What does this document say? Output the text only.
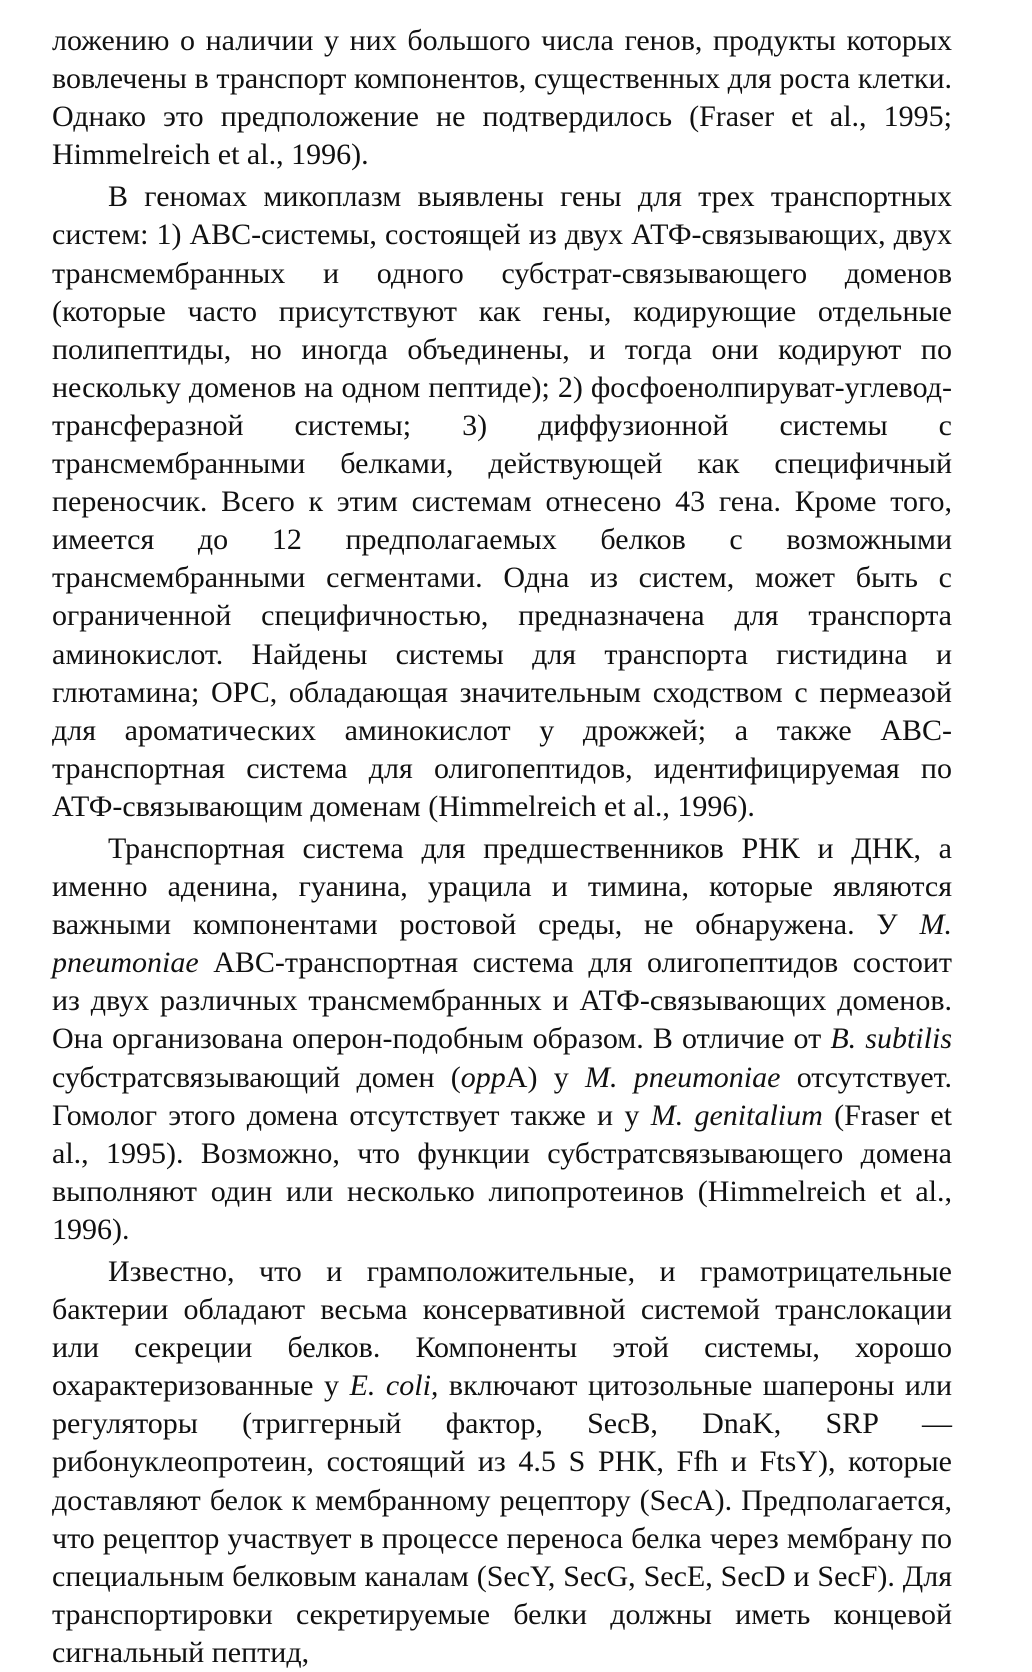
ложению о наличии у них большого числа генов, продукты которых вовлечены в транспорт компонентов, существенных для роста клетки. Однако это предположение не подтвердилось (Fraser et al., 1995; Himmelreich et al., 1996).

В геномах микоплазм выявлены гены для трех транспортных систем: 1) АВС-системы, состоящей из двух АТФ-связывающих, двух трансмембранных и одного субстрат-связывающего доменов (которые часто присутствуют как гены, кодирующие отдельные полипептиды, но иногда объединены, и тогда они кодируют по нескольку доменов на одном пептиде); 2) фосфоенолпируват-углевод-трансферазной системы; 3) диффузионной системы с трансмембранными белками, действующей как специфичный переносчик. Всего к этим системам отнесено 43 гена. Кроме того, имеется до 12 предполагаемых белков с возможными трансмембранными сегментами. Одна из систем, может быть с ограниченной специфичностью, предназначена для транспорта аминокислот. Найдены системы для транспорта гистидина и глютамина; ОРС, обладающая значительным сходством с пермеазой для ароматических аминокислот у дрожжей; а также АВС-транспортная система для олигопептидов, идентифицируемая по АТФ-связывающим доменам (Himmelreich et al., 1996).

Транспортная система для предшественников РНК и ДНК, а именно аденина, гуанина, урацила и тимина, которые являются важными компонентами ростовой среды, не обнаружена. У M. pneumoniae АВС-транспортная система для олигопептидов состоит из двух различных трансмембранных и АТФ-связывающих доменов. Она организована оперон-подобным образом. В отличие от B. subtilis субстратсвязывающий домен (oppA) у M. pneumoniae отсутствует. Гомолог этого домена отсутствует также и у M. genitalium (Fraser et al., 1995). Возможно, что функции субстратсвязывающего домена выполняют один или несколько липопротеинов (Himmelreich et al., 1996).

Известно, что и грамположительные, и грамотрицательные бактерии обладают весьма консервативной системой транслокации или секреции белков. Компоненты этой системы, хорошо охарактеризованные у E. coli, включают цитозольные шапероны или регуляторы (триггерный фактор, SecB, DnaK, SRP — рибонуклеопротеин, состоящий из 4.5 S РНК, Ffh и FtsY), которые доставляют белок к мембранному рецептору (SecA). Предполагается, что рецептор участвует в процессе переноса белка через мембрану по специальным белковым каналам (SecY, SecG, SecE, SecD и SecF). Для транспортировки секретируемые белки должны иметь концевой сигнальный пептид,
